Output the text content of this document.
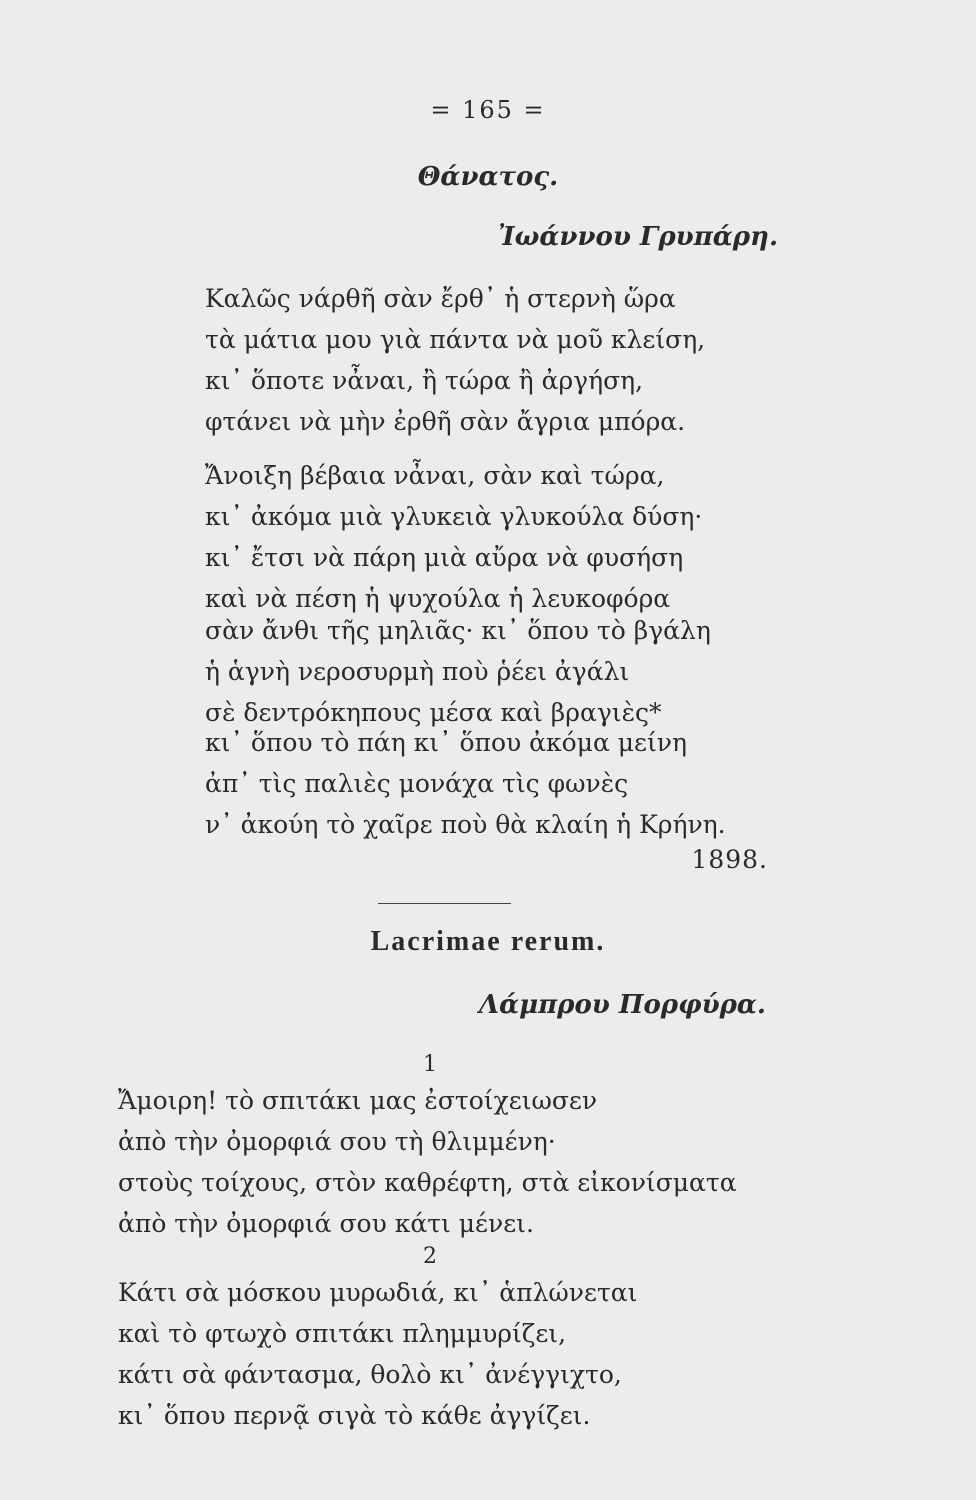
= 165 =
Θάνατος.
Ἰωάννου Γρυπάρη.
Καλῶς νάρθῆ σὰν ἔρθ᾽ ἡ στερνὴ ὥρα
τὰ μάτια μου γιὰ πάντα νὰ μοῦ κλείση,
κι᾽ ὅποτε νἆναι, ἢ τώρα ἢ ἀργήση,
φτάνει νὰ μὴν ἐρθῆ σὰν ἄγρια μπόρα.
Ἄνοιξη βέβαια νἆναι, σὰν καὶ τώρα,
κι᾽ ἀκόμα μιὰ γλυκειὰ γλυκούλα δύση·
κι᾽ ἔτσι νὰ πάρη μιὰ αὔρα νὰ φυσήση
καὶ νὰ πέση ἡ ψυχούλα ἡ λευκοφόρα
σὰν ἄνθι τῆς μηλιᾶς· κι᾽ ὅπου τὸ βγάλη
ἡ ἁγνὴ νεροσυρμὴ ποὺ ῥέει ἀγάλι
σὲ δεντρόκηπους μέσα καὶ βραγιὲς*
κι᾽ ὅπου τὸ πάη κι᾽ ὅπου ἀκόμα μείνη
ἀπ᾽ τὶς παλιὲς μονάχα τὶς φωνὲς
ν᾽ ἀκούη τὸ χαῖρε ποὺ θὰ κλαίη ἡ Κρήνη.
1898.
Lacrimae rerum.
Λάμπρου Πορφύρα.
1
Ἄμοιρη! τὸ σπιτάκι μας ἐστοίχειωσεν
ἀπὸ τὴν ὀμορφιά σου τὴ θλιμμένη·
στοὺς τοίχους, στὸν καθρέφτη, στὰ εἰκονίσματα
ἀπὸ τὴν ὀμορφιά σου κάτι μένει.
2
Κάτι σὰ μόσκου μυρωδιά, κι᾽ ἁπλώνεται
καὶ τὸ φτωχὸ σπιτάκι πλημμυρίζει,
κάτι σὰ φάντασμα, θολὸ κι᾽ ἀνέγγιχτο,
κι᾽ ὅπου περνᾷ σιγὰ τὸ κάθε ἀγγίζει.
